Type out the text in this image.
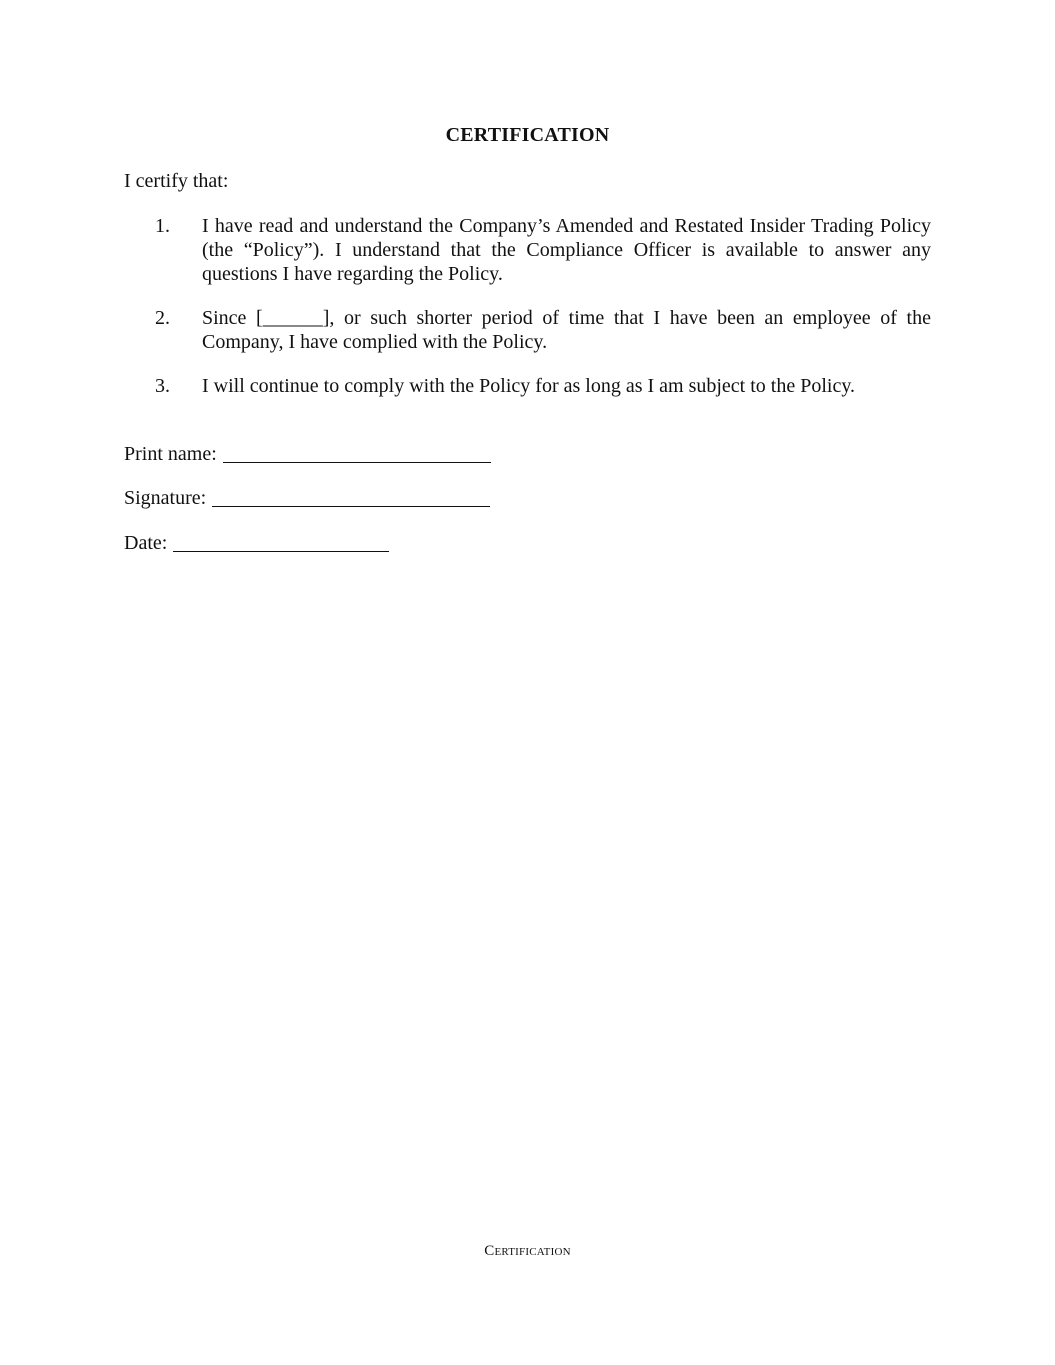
CERTIFICATION
I certify that:
1.	I have read and understand the Company’s Amended and Restated Insider Trading Policy (the “Policy”). I understand that the Compliance Officer is available to answer any questions I have regarding the Policy.
2.	Since [______], or such shorter period of time that I have been an employee of the Company, I have complied with the Policy.
3.	I will continue to comply with the Policy for as long as I am subject to the Policy.
Print name:
Signature:
Date:
Certification
